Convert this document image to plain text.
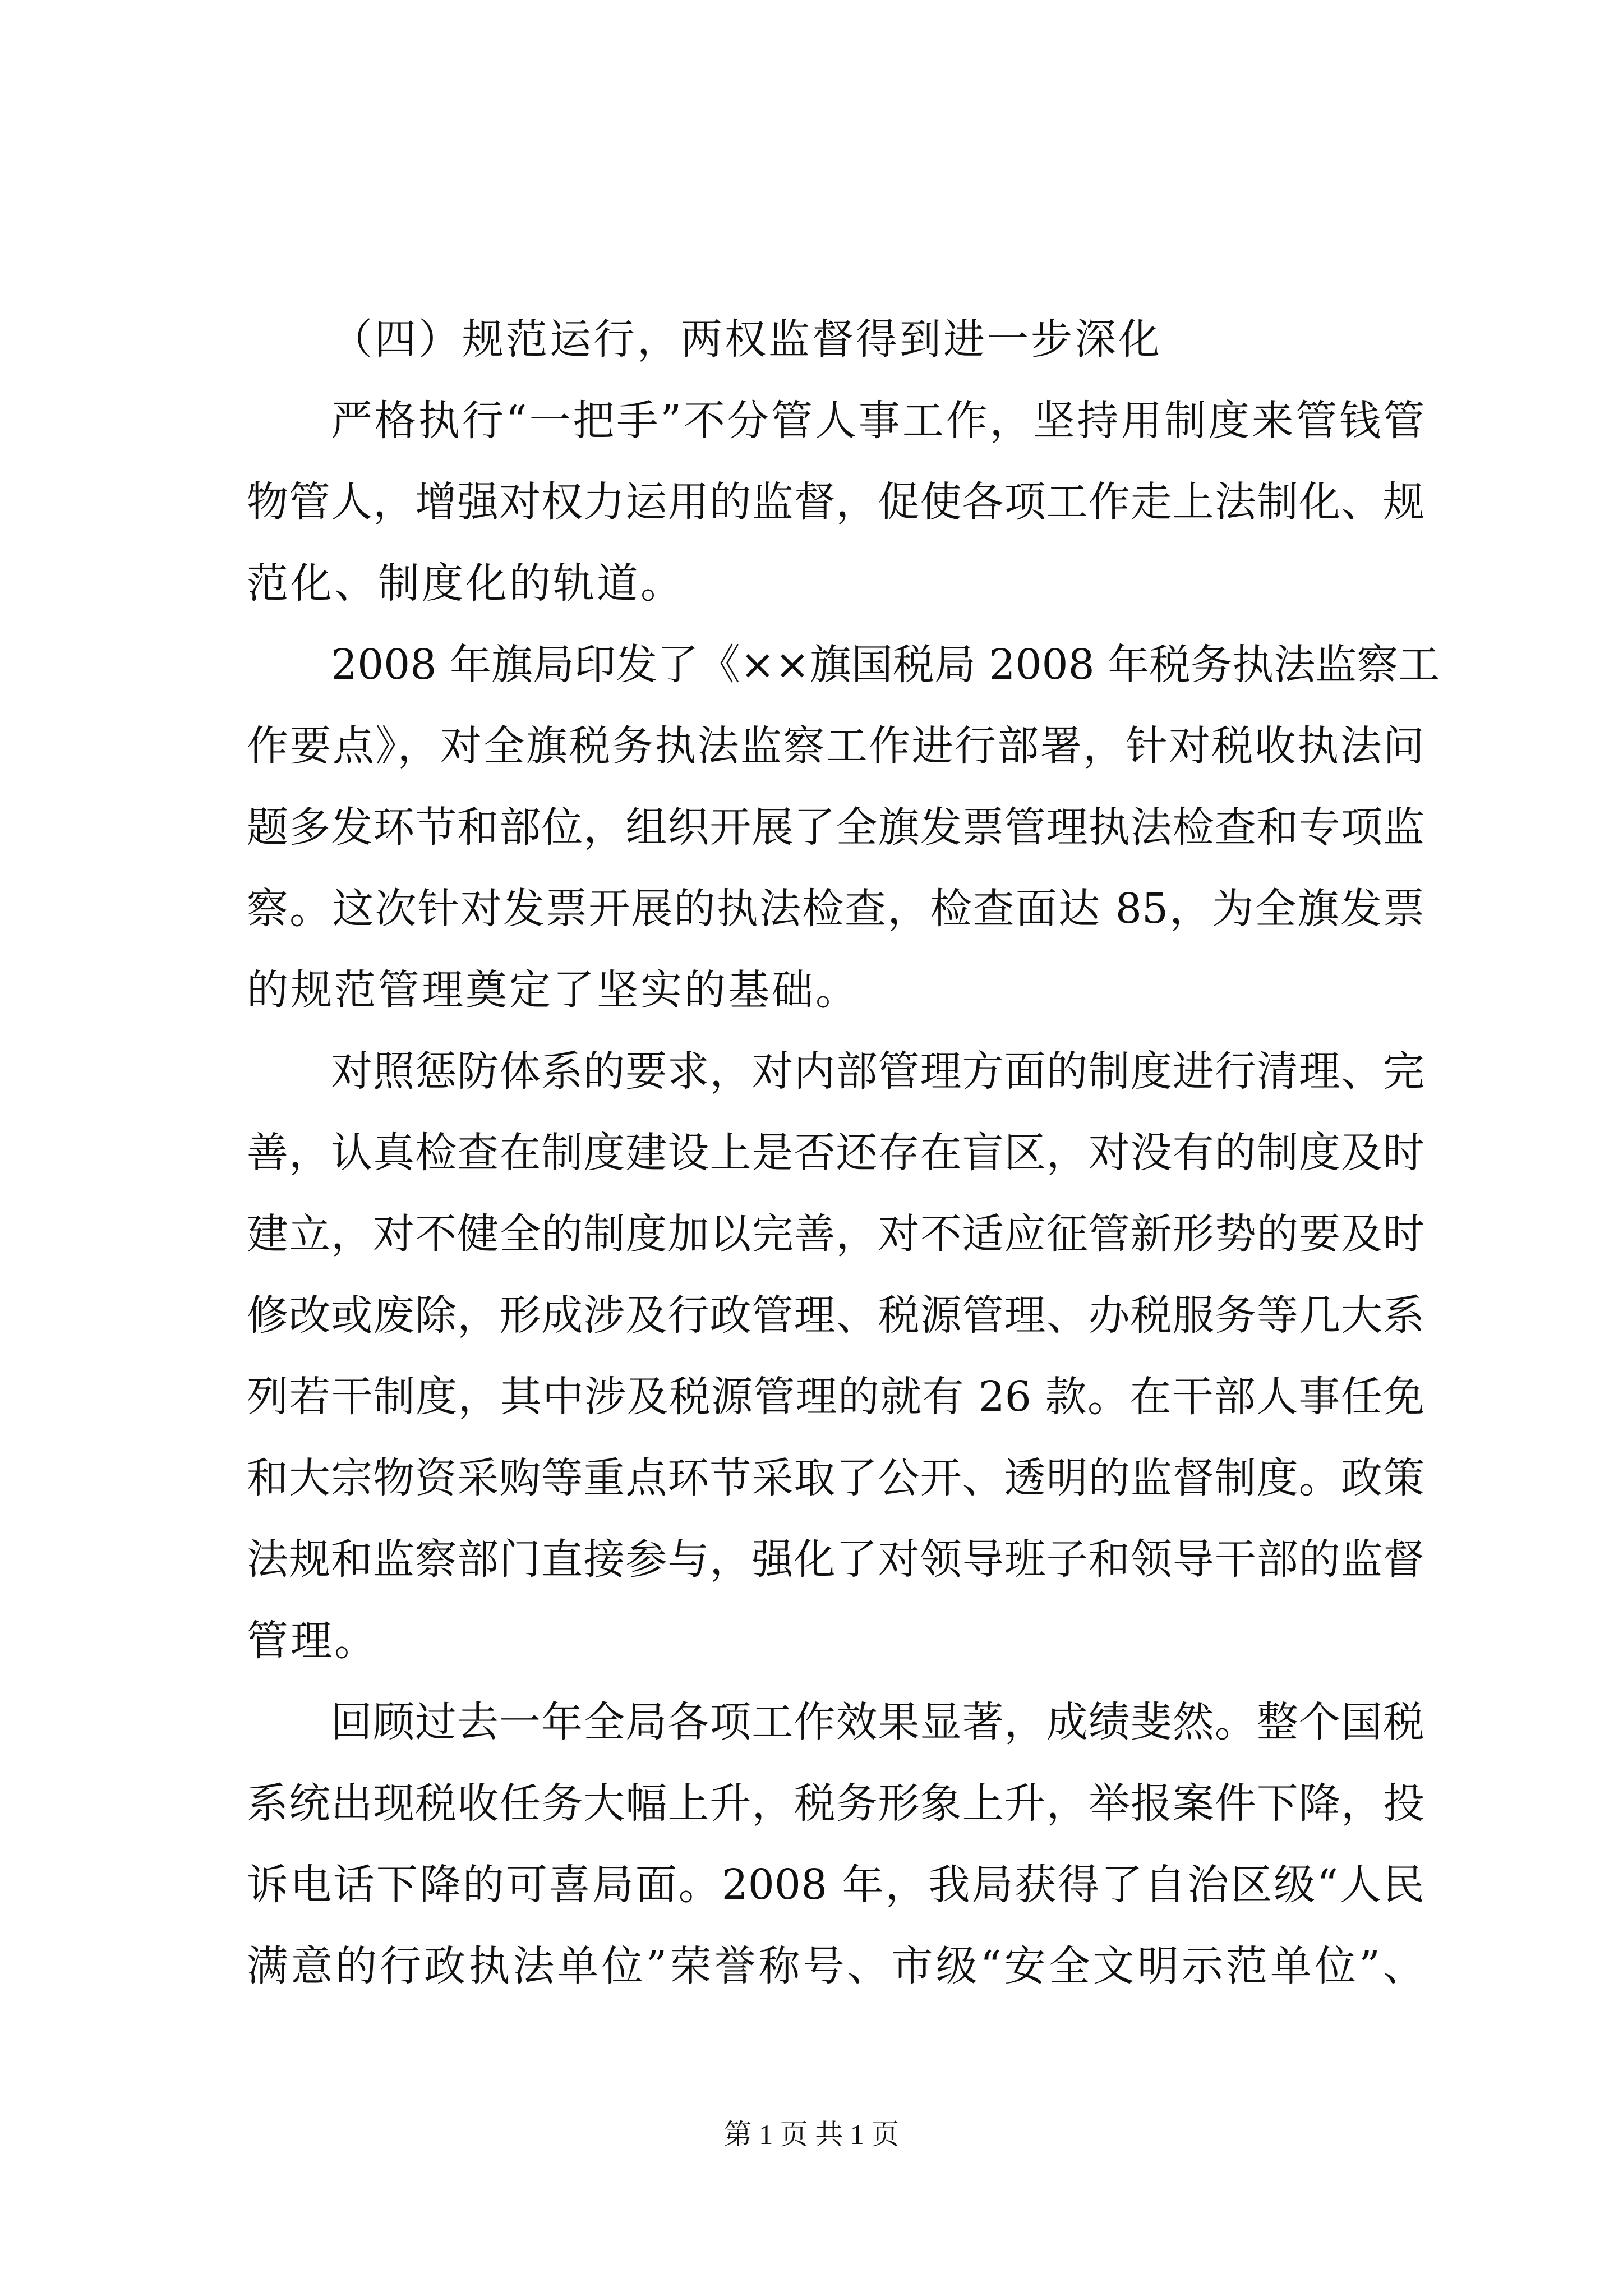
（四）规范运行，两权监督得到进一步深化

严格执行“一把手”不分管人事工作，坚持用制度来管钱管

物管人，增强对权力运用的监督，促使各项工作走上法制化、规

范化、制度化的轨道。

2008 年旗局印发了《××旗国税局 2008 年税务执法监察工

作要点》，对全旗税务执法监察工作进行部署，针对税收执法问

题多发环节和部位，组织开展了全旗发票管理执法检查和专项监

察。这次针对发票开展的执法检查，检查面达 85，为全旗发票

的规范管理奠定了坚实的基础。

对照惩防体系的要求，对内部管理方面的制度进行清理、完

善，认真检查在制度建设上是否还存在盲区，对没有的制度及时

建立，对不健全的制度加以完善，对不适应征管新形势的要及时

修改或废除，形成涉及行政管理、税源管理、办税服务等几大系

列若干制度，其中涉及税源管理的就有 26 款。在干部人事任免

和大宗物资采购等重点环节采取了公开、透明的监督制度。政策

法规和监察部门直接参与，强化了对领导班子和领导干部的监督

管理。

回顾过去一年全局各项工作效果显著，成绩斐然。整个国税

系统出现税收任务大幅上升，税务形象上升，举报案件下降，投

诉电话下降的可喜局面。2008 年，我局获得了自治区级“人民

满意的行政执法单位”荣誉称号、市级“安全文明示范单位”、

第 1 页 共 1 页
